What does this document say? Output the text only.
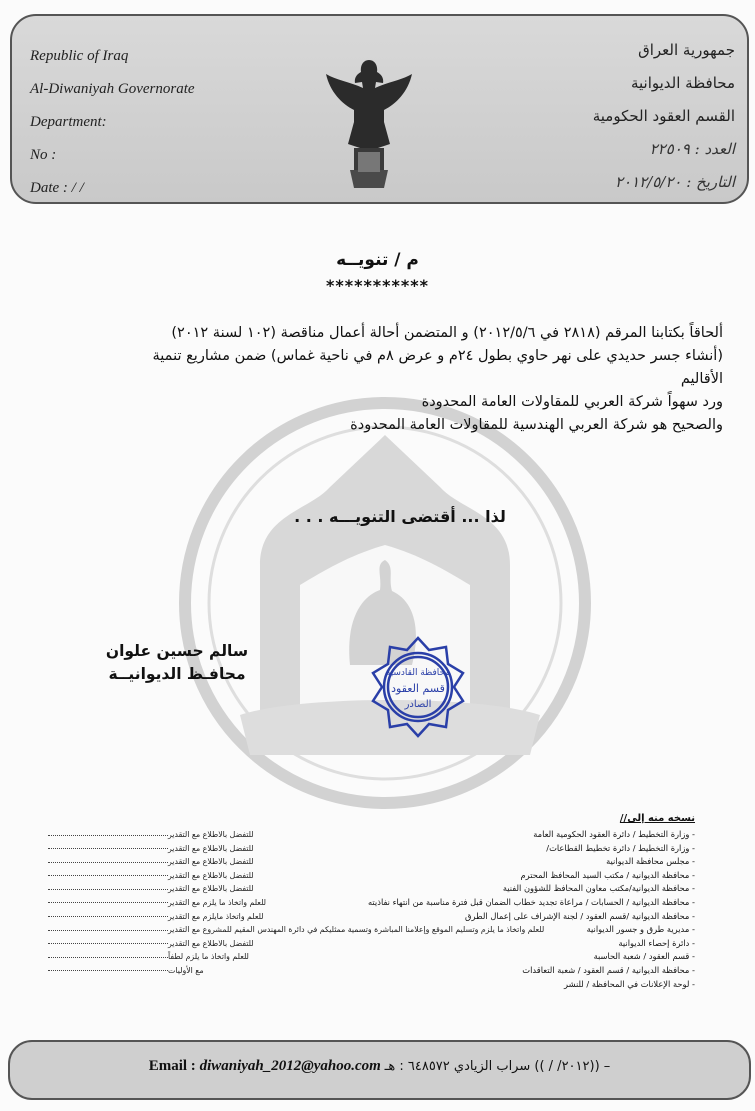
Republic of Iraq
Al-Diwaniyah Governorate
Department:
No :
Date : / /
جمهورية العراق
محافظة الديوانية
القسم العقود الحكومية
العدد : ٢٢٥٠٩
التاريخ : ٢٠١٢/٥/٢٠
م / تنويــه
***********
ألحاقاً بكتابنا المرقم (٢٨١٨ في ٢٠١٢/٥/٦) و المتضمن أحالة أعمال مناقصة (١٠٢ لسنة ٢٠١٢)
(أنشاء جسر حديدي على نهر حاوي بطول ٢٤م و عرض ٨م في ناحية غماس) ضمن مشاريع تنمية
الأقاليم
ورد سهواً شركة العربي للمقاولات العامة المحدودة
والصحيح هو شركة العربي الهندسية للمقاولات العامة المحدودة
لذا ... أقتضى التنويـــه . . .
سالم حسين علوان
محافـظ الديوانيــة	محافظة القادسية
قسم العقود
الصادر
نسخه منه إلى//
- وزارة التخطيط / دائرة العقود الحكومية العامة
للتفضل بالاطلاع مع التقدير
- وزارة التخطيط / دائرة تخطيط القطاعات/
للتفضل بالاطلاع مع التقدير
- مجلس محافظة الديوانية
للتفضل بالاطلاع مع التقدير
- محافظة الديوانية / مكتب السيد المحافظ المحترم
للتفضل بالاطلاع مع التقدير
- محافظة الديوانية/مكتب معاون المحافظ للشؤون الفنية
للتفضل بالاطلاع مع التقدير
- محافظة الديوانية / الحسابات / مراعاة تجديد خطاب الضمان قبل فترة مناسبة من انتهاء نفاذيته
للعلم واتخاذ ما يلزم مع التقدير
- محافظة الديوانية /قسم العقود / لجنة الإشراف على إعمال الطرق
للعلم واتخاذ مايلزم مع التقدير
- مديرية طرق و جسور الديوانية
للعلم واتخاذ ما يلزم وتسليم الموقع وإعلامنا المباشرة وتسمية ممثليكم في دائرة المهندس المقيم للمشروع مع التقدير
- دائرة إحصاء الديوانية
للتفضل بالاطلاع مع التقدير
- قسم العقود / شعبة الحاسبة
للعلم واتخاذ ما يلزم لطفاً
- محافظة الديوانية / قسم العقود / شعبة التعاقدات
مع الأوليات
- لوحة الإعلانات في المحافظة / للنشر
Email : diwaniyah_2012@yahoo.com – ((٢٠١٢/ / )) سراب الزيادي ٦٤٨٥٧٢ : هـ
